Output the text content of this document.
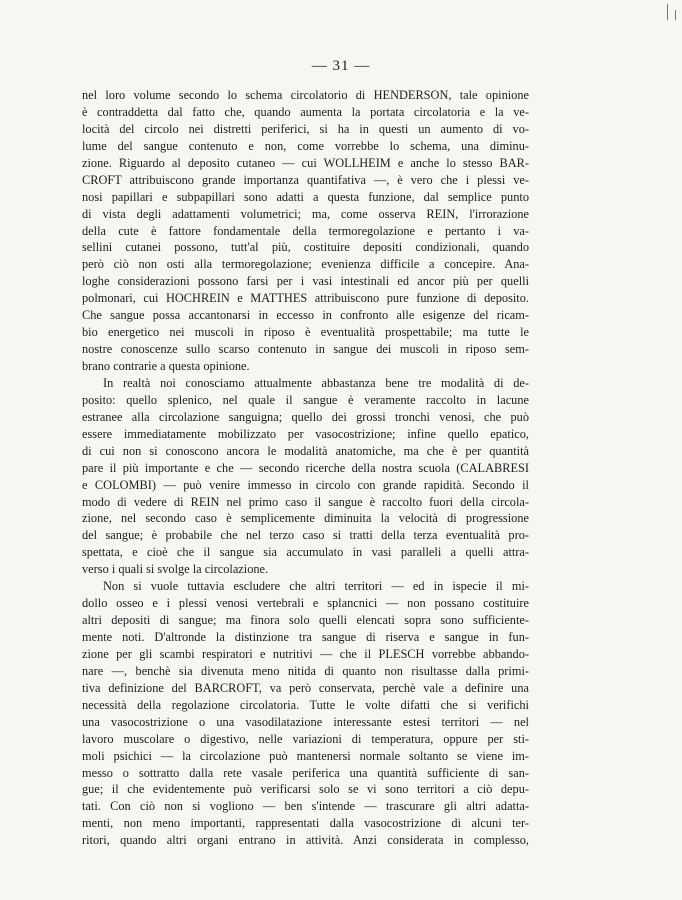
— 31 —
nel loro volume secondo lo schema circolatorio di HENDERSON, tale opinione
è contraddetta dal fatto che, quando aumenta la portata circolatoria e la ve-
locità del circolo nei distretti periferici, si ha in questi un aumento di vo-
lume del sangue contenuto e non, come vorrebbe lo schema, una diminu-
zione. Riguardo al deposito cutaneo — cui WOLLHEIM e anche lo stesso BAR-
CROFT attribuiscono grande importanza quantifativa —, è vero che i plessi ve-
nosi papillari e subpapillari sono adatti a questa funzione, dal semplice punto
di vista degli adattamenti volumetrici; ma, come osserva REIN, l'irrorazione
della cute è fattore fondamentale della termoregolazione e pertanto i va-
sellini cutanei possono, tutt'al più, costituire depositi condizionali, quando
però ciò non osti alla termoregolazione; evenienza difficile a concepire. Ana-
loghe considerazioni possono farsi per i vasi intestinali ed ancor più per quelli
polmonari, cui HOCHREIN e MATTHES attribuiscono pure funzione di deposito.
Che sangue possa accantonarsi in eccesso in confronto alle esigenze del ricam-
bio energetico nei muscoli in riposo è eventualità prospettabile; ma tutte le
nostre conoscenze sullo scarso contenuto in sangue dei muscoli in riposo sem-
brano contrarie a questa opinione.
In realtà noi conosciamo attualmente abbastanza bene tre modalità di de-
posito: quello splenico, nel quale il sangue è veramente raccolto in lacune
estranee alla circolazione sanguigna; quello dei grossi tronchi venosi, che può
essere immediatamente mobilizzato per vasocostrizione; infine quello epatico,
di cui non si conoscono ancora le modalità anatomiche, ma che è per quantità
pare il più importante e che — secondo ricerche della nostra scuola (CALABRESI
e COLOMBI) — può venire immesso in circolo con grande rapidità. Secondo il
modo di vedere di REIN nel primo caso il sangue è raccolto fuori della circola-
zione, nel secondo caso è semplicemente diminuita la velocità di progressione
del sangue; è probabile che nel terzo caso si tratti della terza eventualità pro-
spettata, e cioè che il sangue sia accumulato in vasi paralleli a quelli attra-
verso i quali si svolge la circolazione.
Non si vuole tuttavia escludere che altri territori — ed in ispecie il mi-
dollo osseo e i plessi venosi vertebrali e splancnici — non possano costituire
altri depositi di sangue; ma finora solo quelli elencati sopra sono sufficiente-
mente noti. D'altronde la distinzione tra sangue di riserva e sangue in fun-
zione per gli scambi respiratori e nutritivi — che il PLESCH vorrebbe abbando-
nare —, benchè sia divenuta meno nitida di quanto non risultasse dalla primi-
tiva definizione del BARCROFT, va però conservata, perchè vale a definire una
necessità della regolazione circolatoria. Tutte le volte difatti che si verifichi
una vasocostrizione o una vasodilatazione interessante estesi territori — nel
lavoro muscolare o digestivo, nelle variazioni di temperatura, oppure per sti-
moli psichici — la circolazione può mantenersi normale soltanto se viene im-
messo o sottratto dalla rete vasale periferica una quantità sufficiente di san-
gue; il che evidentemente può verificarsi solo se vi sono territori a ciò depu-
tati. Con ciò non si vogliono — ben s'intende — trascurare gli altri adatta-
menti, non meno importanti, rappresentati dalla vasocostrizione di alcuni ter-
ritori, quando altri organi entrano in attività. Anzi considerata in complesso,
